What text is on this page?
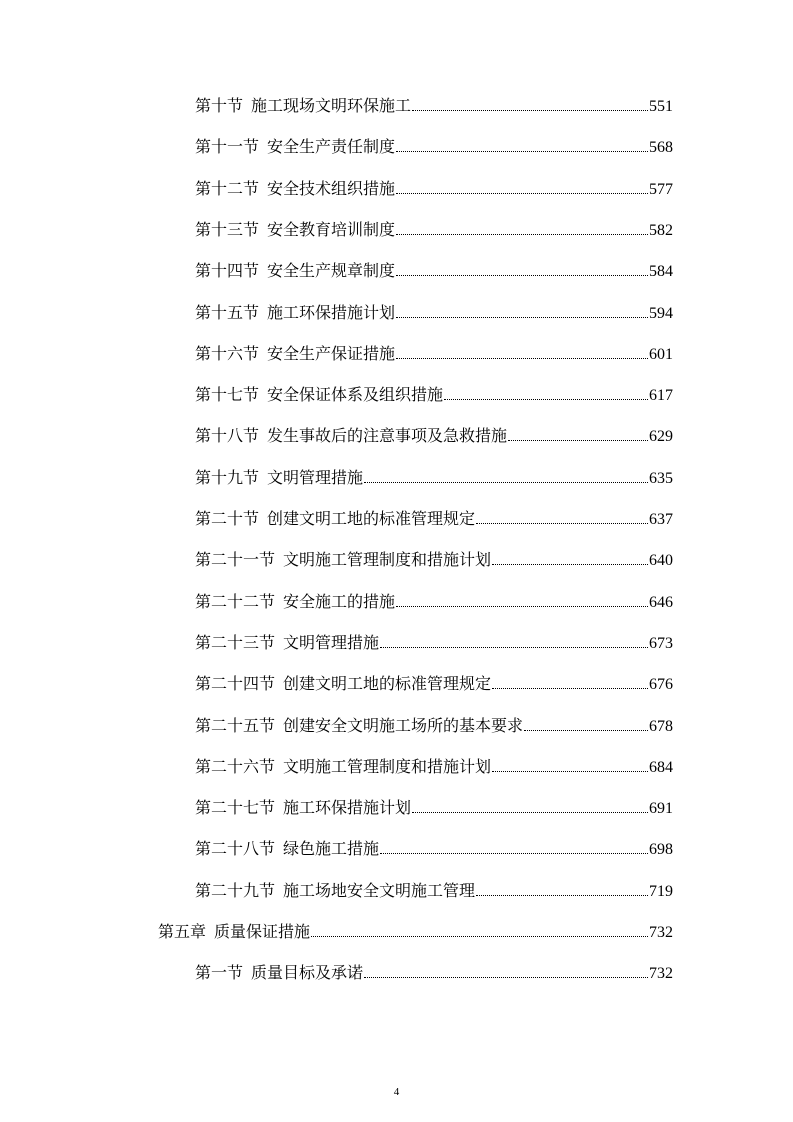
第十节 施工现场文明环保施工	551
第十一节 安全生产责任制度	568
第十二节 安全技术组织措施	577
第十三节 安全教育培训制度	582
第十四节 安全生产规章制度	584
第十五节 施工环保措施计划	594
第十六节 安全生产保证措施	601
第十七节 安全保证体系及组织措施	617
第十八节 发生事故后的注意事项及急救措施	629
第十九节 文明管理措施	635
第二十节 创建文明工地的标准管理规定	637
第二十一节 文明施工管理制度和措施计划	640
第二十二节 安全施工的措施	646
第二十三节 文明管理措施	673
第二十四节 创建文明工地的标准管理规定	676
第二十五节 创建安全文明施工场所的基本要求	678
第二十六节 文明施工管理制度和措施计划	684
第二十七节 施工环保措施计划	691
第二十八节 绿色施工措施	698
第二十九节 施工场地安全文明施工管理	719
第五章 质量保证措施	732
第一节 质量目标及承诺	732
4
